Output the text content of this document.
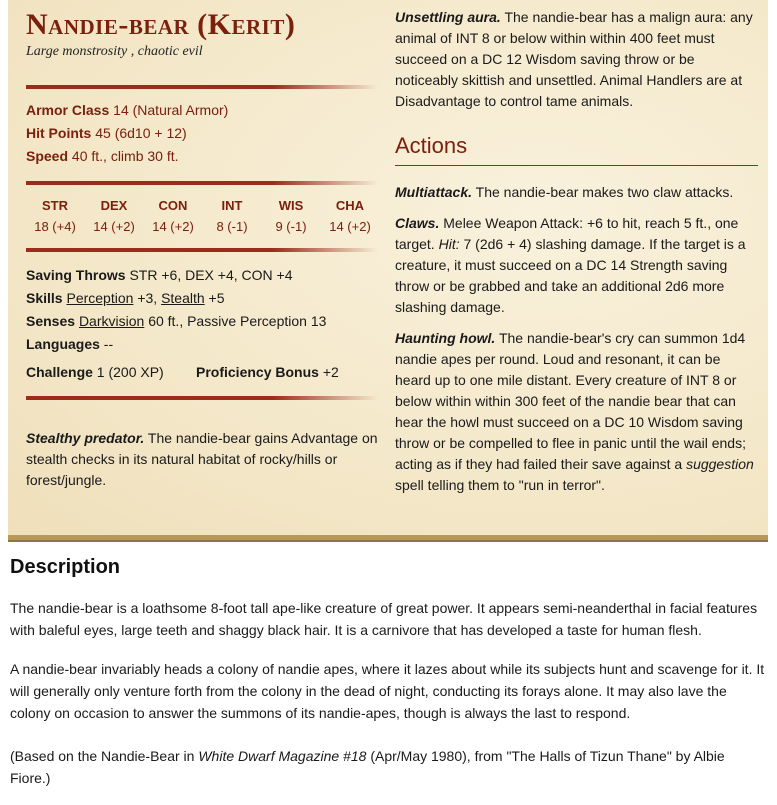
Nandie-bear (Kerit)
Large monstrosity , chaotic evil
Armor Class 14 (Natural Armor)
Hit Points 45 (6d10 + 12)
Speed 40 ft., climb 30 ft.
STR
18 (+4)
DEX
14 (+2)
CON
14 (+2)
INT
8 (-1)
WIS
9 (-1)
CHA
14 (+2)
Saving Throws STR +6, DEX +4, CON +4
Skills Perception +3, Stealth +5
Senses Darkvision 60 ft., Passive Perception 13
Languages --
Challenge 1 (200 XP) Proficiency Bonus +2
Stealthy predator. The nandie-bear gains Advantage on stealth checks in its natural habitat of rocky/hills or forest/jungle.
Unsettling aura. The nandie-bear has a malign aura: any animal of INT 8 or below within within 400 feet must succeed on a DC 12 Wisdom saving throw or be noticeably skittish and unsettled. Animal Handlers are at Disadvantage to control tame animals.
Actions
Multiattack. The nandie-bear makes two claw attacks.
Claws. Melee Weapon Attack: +6 to hit, reach 5 ft., one target. Hit: 7 (2d6 + 4) slashing damage. If the target is a creature, it must succeed on a DC 14 Strength saving throw or be grabbed and take an additional 2d6 more slashing damage.
Haunting howl. The nandie-bear's cry can summon 1d4 nandie apes per round. Loud and resonant, it can be heard up to one mile distant. Every creature of INT 8 or below within within 300 feet of the nandie bear that can hear the howl must succeed on a DC 10 Wisdom saving throw or be compelled to flee in panic until the wail ends; acting as if they had failed their save against a suggestion spell telling them to "run in terror".
Description
The nandie-bear is a loathsome 8-foot tall ape-like creature of great power. It appears semi-neanderthal in facial features with baleful eyes, large teeth and shaggy black hair. It is a carnivore that has developed a taste for human flesh.
A nandie-bear invariably heads a colony of nandie apes, where it lazes about while its subjects hunt and scavenge for it. It will generally only venture forth from the colony in the dead of night, conducting its forays alone. It may also lave the colony on occasion to answer the summons of its nandie-apes, though is always the last to respond.
(Based on the Nandie-Bear in White Dwarf Magazine #18 (Apr/May 1980), from "The Halls of Tizun Thane" by Albie Fiore.)
